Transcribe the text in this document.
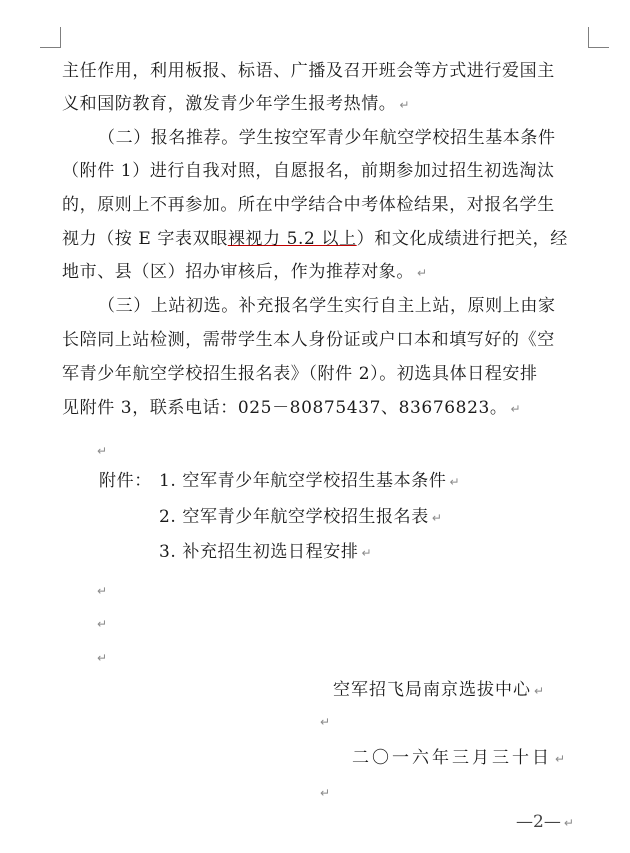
主任作用，利用板报、标语、广播及召开班会等方式进行爱国主
义和国防教育，激发青少年学生报考热情。 ↵
（二）报名推荐。学生按空军青少年航空学校招生基本条件
（附件 1）进行自我对照，自愿报名，前期参加过招生初选淘汰
的，原则上不再参加。所在中学结合中考体检结果，对报名学生
视力（按 E 字表双眼裸视力 5.2 以上）和文化成绩进行把关，经
地市、县（区）招办审核后，作为推荐对象。 ↵
（三）上站初选。补充报名学生实行自主上站，原则上由家
长陪同上站检测，需带学生本人身份证或户口本和填写好的《空
军青少年航空学校招生报名表》（附件 2）。初选具体日程安排
见附件 3，联系电话：025－80875437、83676823。 ↵
↵
附件： 1. 空军青少年航空学校招生基本条件 ↵
2. 空军青少年航空学校招生报名表 ↵
3. 补充招生初选日程安排 ↵
↵
↵
↵
空军招飞局南京选拔中心 ↵
↵
二〇一六年三月三十日 ↵
↵
—2— ↵
